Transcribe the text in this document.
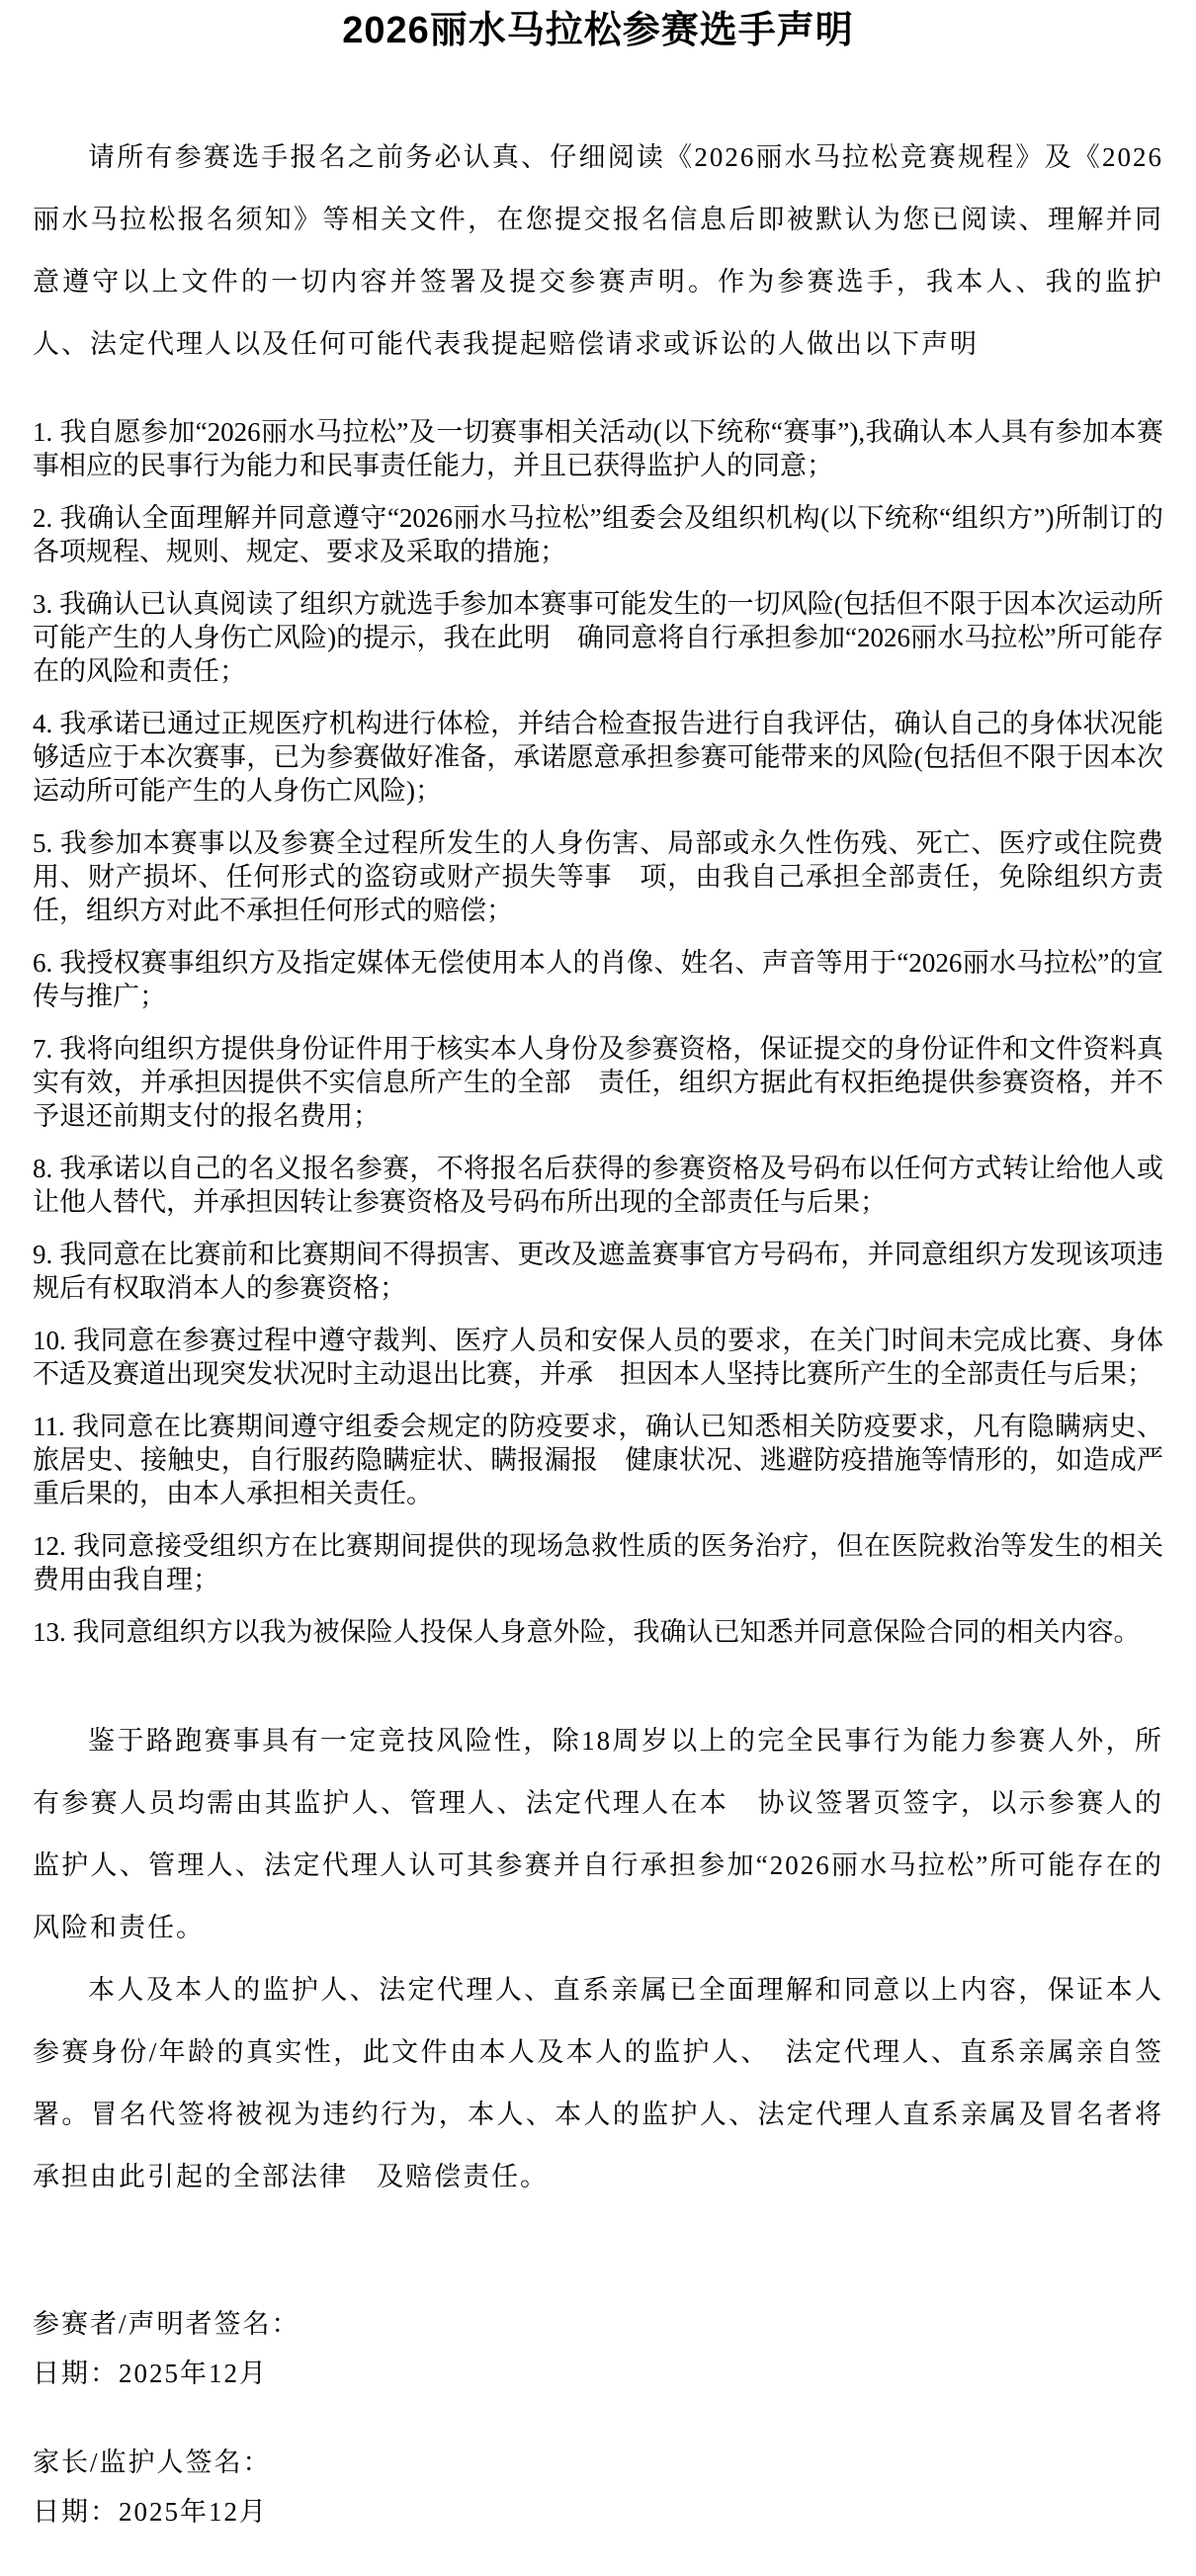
2026丽水马拉松参赛选手声明

请所有参赛选手报名之前务必认真、仔细阅读《2026丽水马拉松竞赛规程》及《2026丽水马拉松报名须知》等相关文件，在您提交报名信息后即被默认为您已阅读、理解并同意遵守以上文件的一切内容并签署及提交参赛声明。作为参赛选手，我本人、我的监护人、法定代理人以及任何可能代表我提起赔偿请求或诉讼的人做出以下声明

1. 我自愿参加“2026丽水马拉松”及一切赛事相关活动(以下统称“赛事”),我确认本人具有参加本赛事相应的民事行为能力和民事责任能力，并且已获得监护人的同意；

2. 我确认全面理解并同意遵守“2026丽水马拉松”组委会及组织机构(以下统称“组织方”)所制订的各项规程、规则、规定、要求及采取的措施；

3. 我确认已认真阅读了组织方就选手参加本赛事可能发生的一切风险(包括但不限于因本次运动所可能产生的人身伤亡风险)的提示，我在此明　确同意将自行承担参加“2026丽水马拉松”所可能存在的风险和责任；

4. 我承诺已通过正规医疗机构进行体检，并结合检查报告进行自我评估，确认自己的身体状况能够适应于本次赛事，已为参赛做好准备，承诺愿意承担参赛可能带来的风险(包括但不限于因本次运动所可能产生的人身伤亡风险)；

5. 我参加本赛事以及参赛全过程所发生的人身伤害、局部或永久性伤残、死亡、医疗或住院费用、财产损坏、任何形式的盗窃或财产损失等事　项，由我自己承担全部责任，免除组织方责任，组织方对此不承担任何形式的赔偿；

6. 我授权赛事组织方及指定媒体无偿使用本人的肖像、姓名、声音等用于“2026丽水马拉松”的宣传与推广；

7. 我将向组织方提供身份证件用于核实本人身份及参赛资格，保证提交的身份证件和文件资料真实有效，并承担因提供不实信息所产生的全部　责任，组织方据此有权拒绝提供参赛资格，并不予退还前期支付的报名费用；

8. 我承诺以自己的名义报名参赛，不将报名后获得的参赛资格及号码布以任何方式转让给他人或让他人替代，并承担因转让参赛资格及号码布所出现的全部责任与后果；

9. 我同意在比赛前和比赛期间不得损害、更改及遮盖赛事官方号码布，并同意组织方发现该项违规后有权取消本人的参赛资格；

10. 我同意在参赛过程中遵守裁判、医疗人员和安保人员的要求，在关门时间未完成比赛、身体不适及赛道出现突发状况时主动退出比赛，并承　担因本人坚持比赛所产生的全部责任与后果；

11. 我同意在比赛期间遵守组委会规定的防疫要求，确认已知悉相关防疫要求，凡有隐瞒病史、旅居史、接触史，自行服药隐瞒症状、瞒报漏报　健康状况、逃避防疫措施等情形的，如造成严重后果的，由本人承担相关责任。

12. 我同意接受组织方在比赛期间提供的现场急救性质的医务治疗，但在医院救治等发生的相关费用由我自理；

13. 我同意组织方以我为被保险人投保人身意外险，我确认已知悉并同意保险合同的相关内容。

鉴于路跑赛事具有一定竞技风险性，除18周岁以上的完全民事行为能力参赛人外，所有参赛人员均需由其监护人、管理人、法定代理人在本　协议签署页签字，以示参赛人的监护人、管理人、法定代理人认可其参赛并自行承担参加“2026丽水马拉松”所可能存在的风险和责任。

本人及本人的监护人、法定代理人、直系亲属已全面理解和同意以上内容，保证本人参赛身份/年龄的真实性，此文件由本人及本人的监护人、　法定代理人、直系亲属亲自签署。冒名代签将被视为违约行为，本人、本人的监护人、法定代理人直系亲属及冒名者将承担由此引起的全部法律　及赔偿责任。

参赛者/声明者签名：
日期：2025年12月
家长/监护人签名：
日期：2025年12月
